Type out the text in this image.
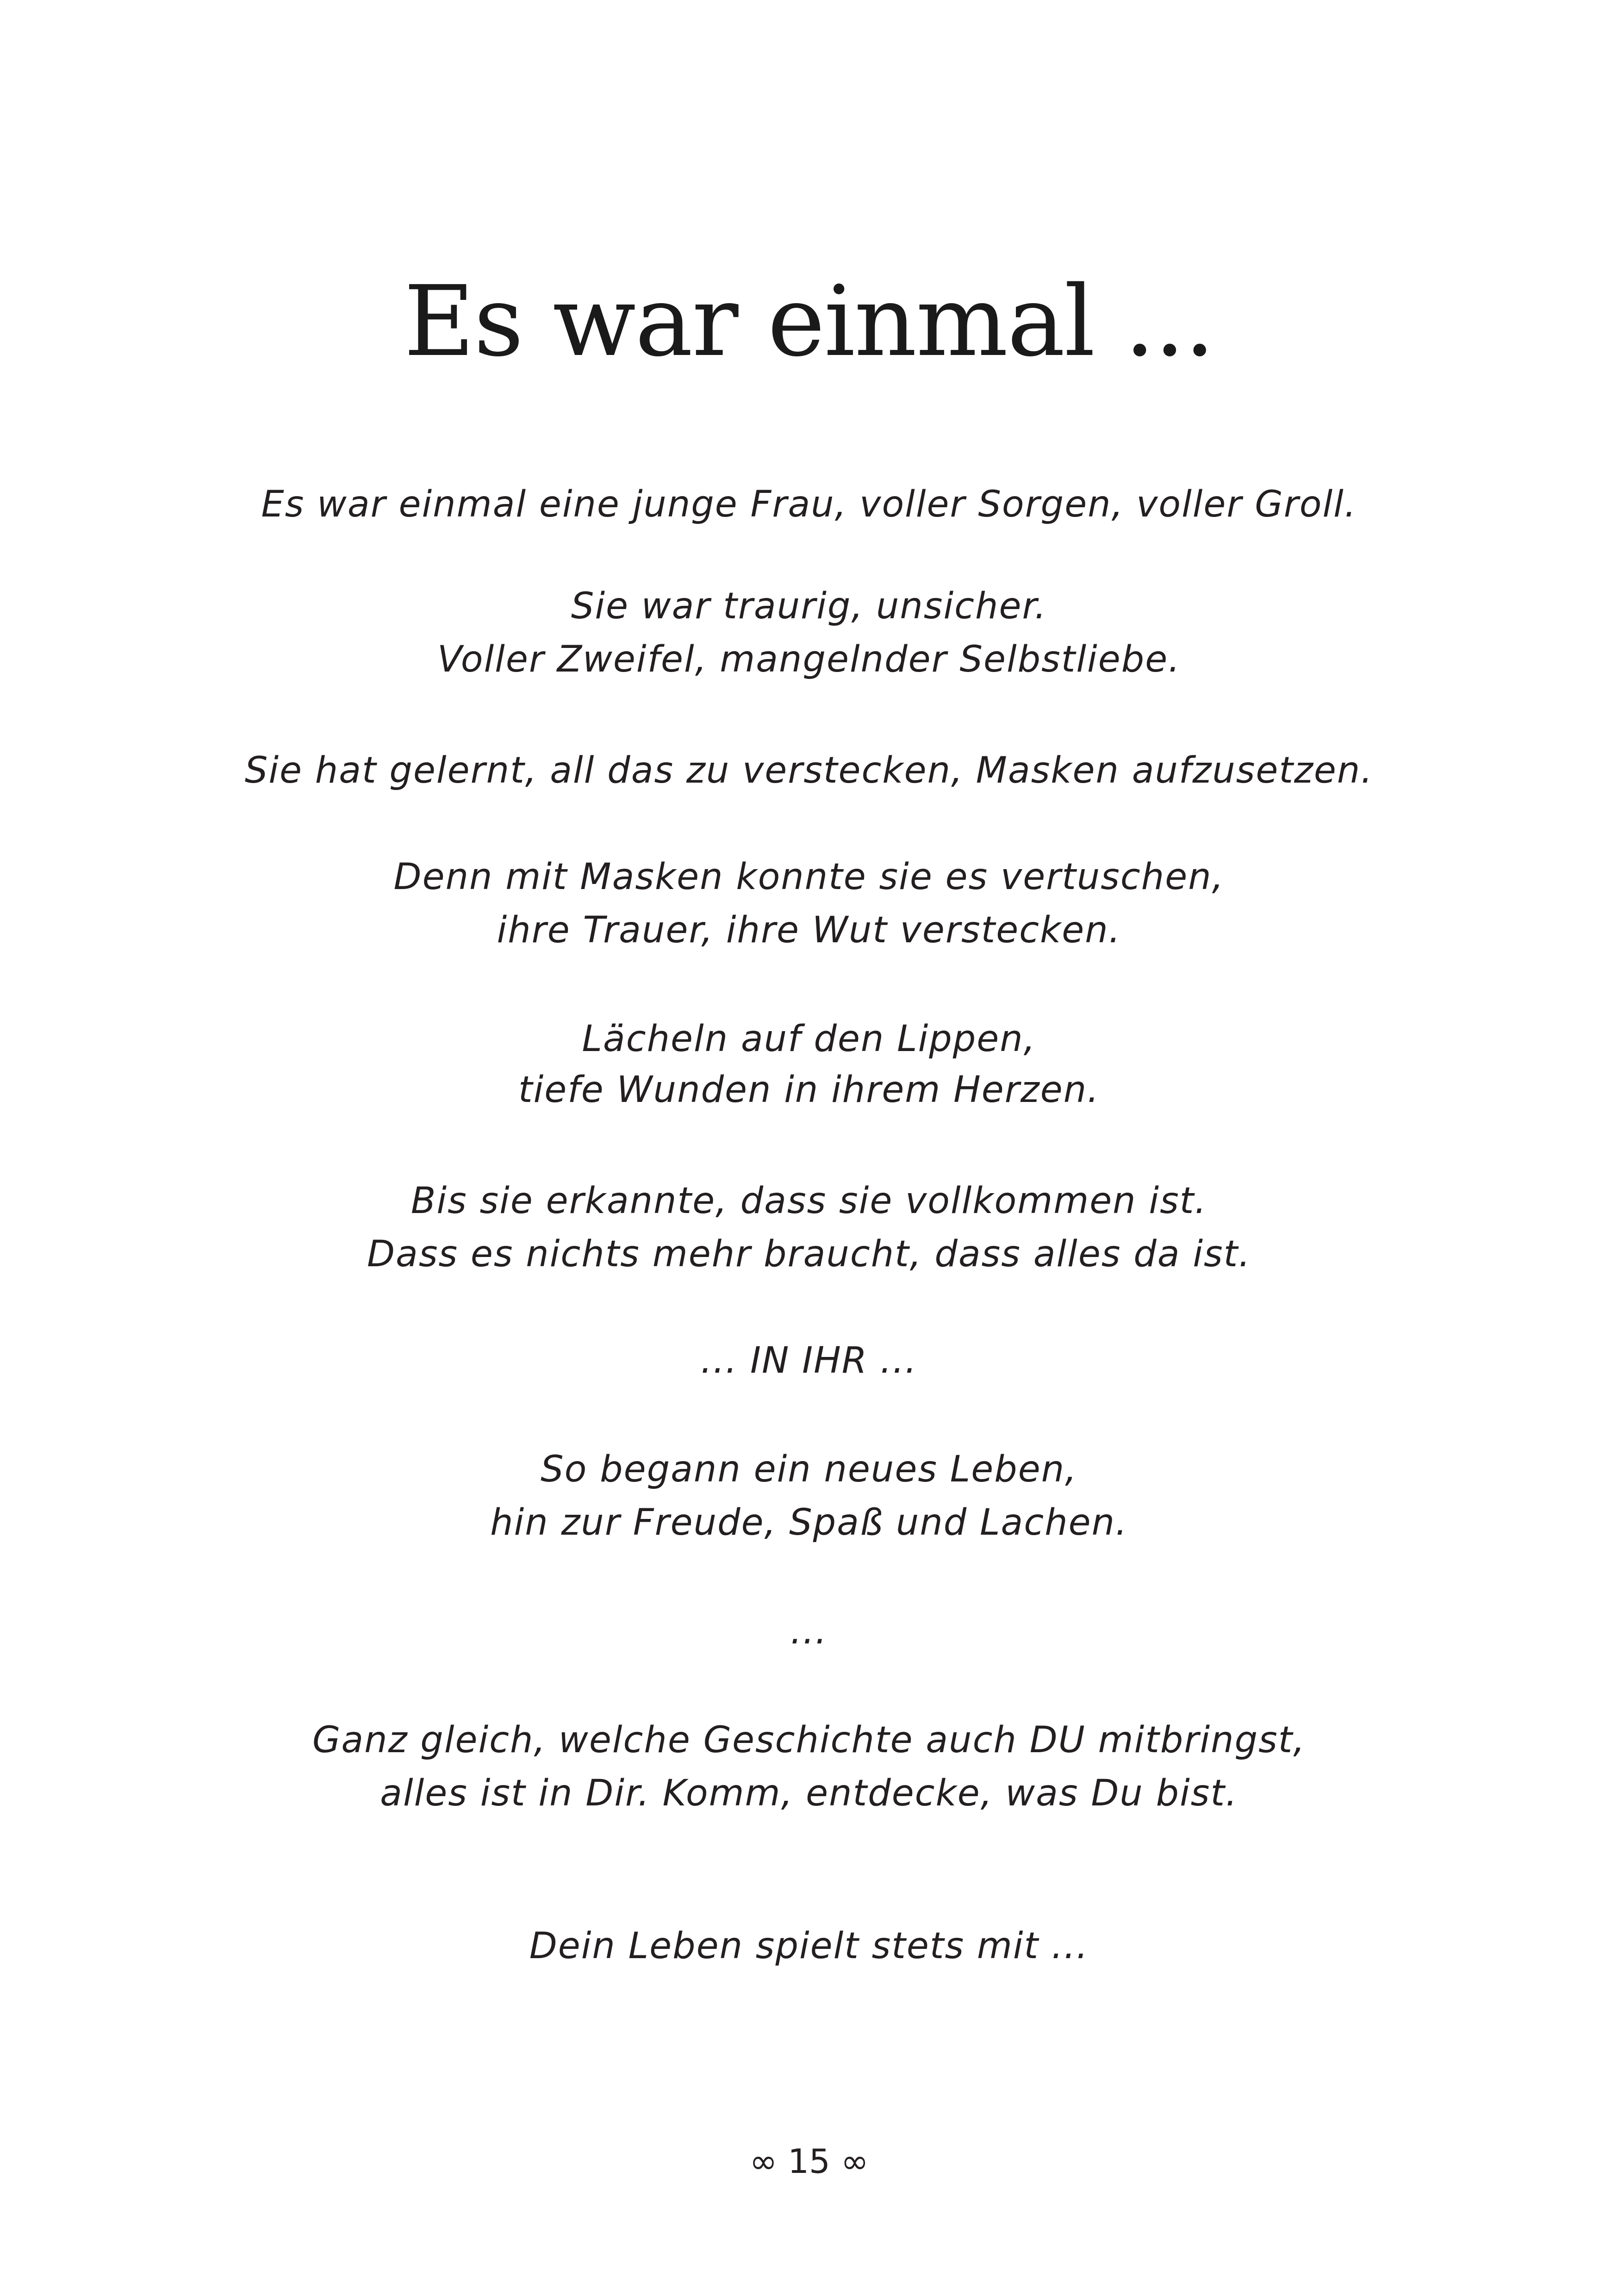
Es war einmal ...
Es war einmal eine junge Frau, voller Sorgen, voller Groll.
Sie war traurig, unsicher.
Voller Zweifel, mangelnder Selbstliebe.
Sie hat gelernt, all das zu verstecken, Masken aufzusetzen.
Denn mit Masken konnte sie es vertuschen,
ihre Trauer, ihre Wut verstecken.
Lächeln auf den Lippen,
tiefe Wunden in ihrem Herzen.
Bis sie erkannte, dass sie vollkommen ist.
Dass es nichts mehr braucht, dass alles da ist.
... IN IHR ...
So begann ein neues Leben,
hin zur Freude, Spaß und Lachen.
...
Ganz gleich, welche Geschichte auch DU mitbringst,
alles ist in Dir. Komm, entdecke, was Du bist.
Dein Leben spielt stets mit ...
∞ 15 ∞
